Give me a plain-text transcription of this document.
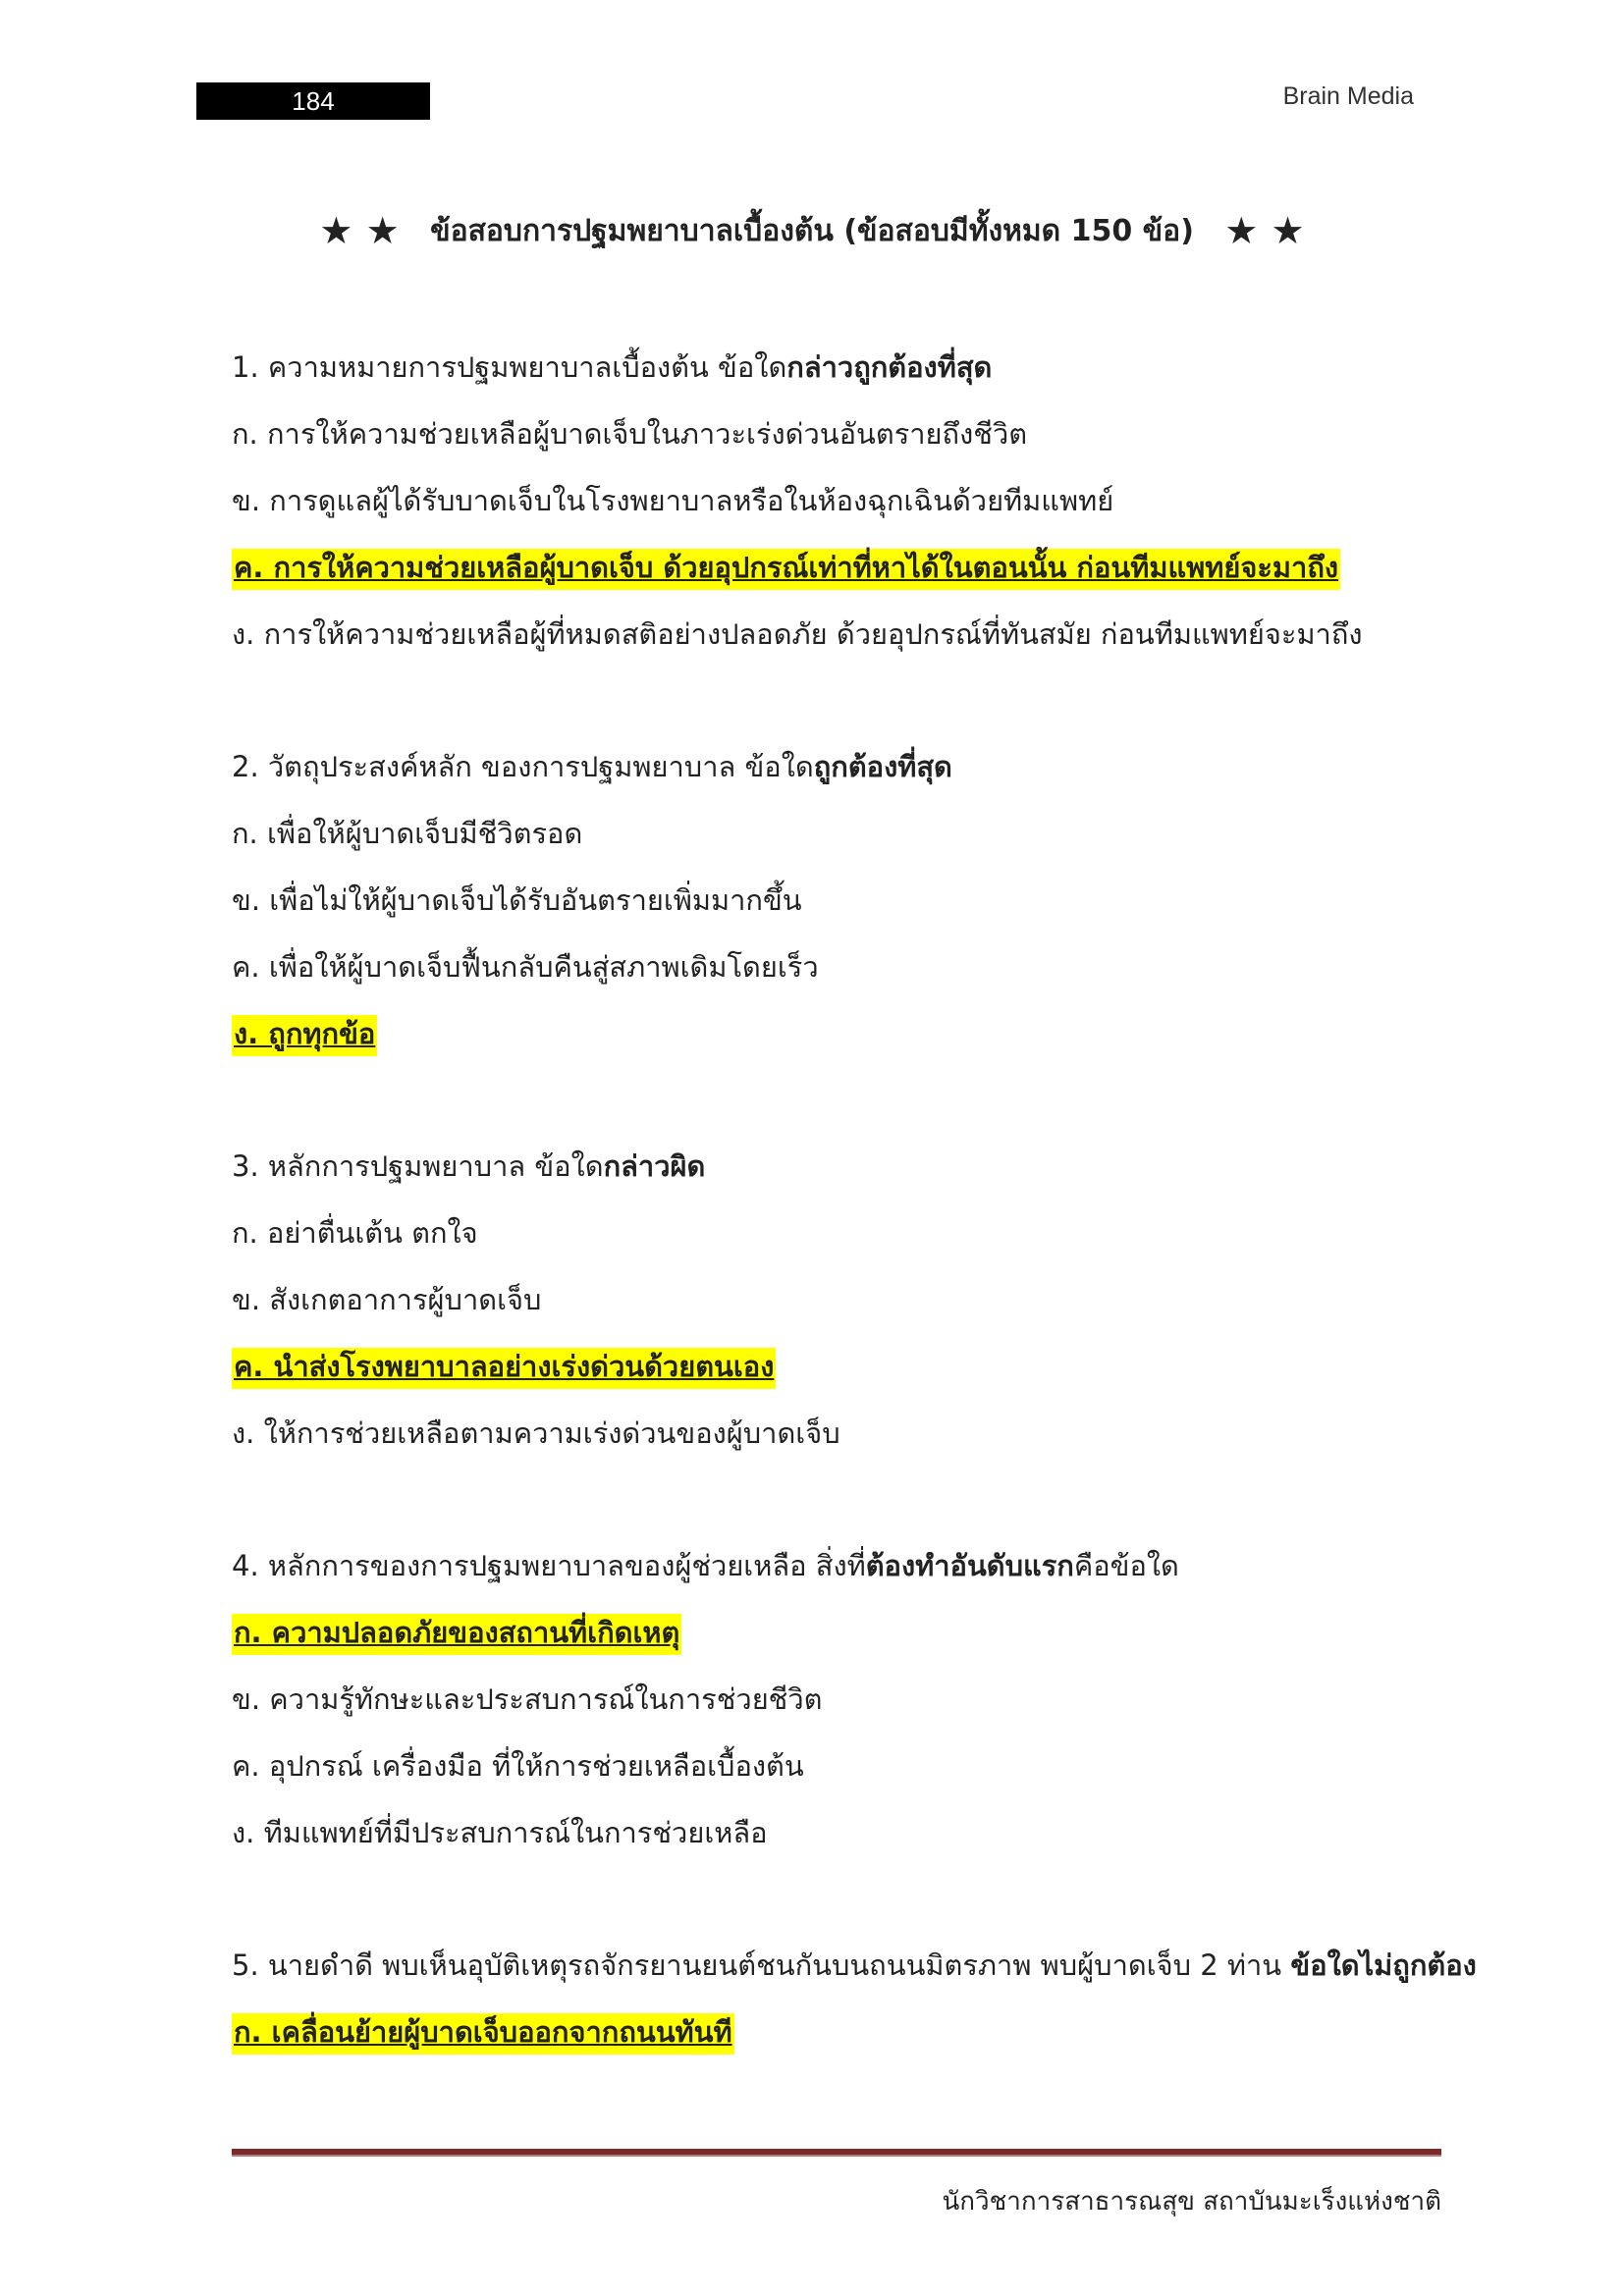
184	Brain Media
★ ★ ข้อสอบการปฐมพยาบาลเบื้องต้น (ข้อสอบมีทั้งหมด 150 ข้อ) ★ ★
1. ความหมายการปฐมพยาบาลเบื้องต้น ข้อใดกล่าวถูกต้องที่สุด
ก. การให้ความช่วยเหลือผู้บาดเจ็บในภาวะเร่งด่วนอันตรายถึงชีวิต
ข. การดูแลผู้ได้รับบาดเจ็บในโรงพยาบาลหรือในห้องฉุกเฉินด้วยทีมแพทย์
ค. การให้ความช่วยเหลือผู้บาดเจ็บ ด้วยอุปกรณ์เท่าที่หาได้ในตอนนั้น ก่อนทีมแพทย์จะมาถึง
ง. การให้ความช่วยเหลือผู้ที่หมดสติอย่างปลอดภัย ด้วยอุปกรณ์ที่ทันสมัย ก่อนทีมแพทย์จะมาถึง
2. วัตถุประสงค์หลัก ของการปฐมพยาบาล ข้อใดถูกต้องที่สุด
ก. เพื่อให้ผู้บาดเจ็บมีชีวิตรอด
ข. เพื่อไม่ให้ผู้บาดเจ็บได้รับอันตรายเพิ่มมากขึ้น
ค. เพื่อให้ผู้บาดเจ็บฟื้นกลับคืนสู่สภาพเดิมโดยเร็ว
ง. ถูกทุกข้อ
3. หลักการปฐมพยาบาล ข้อใดกล่าวผิด
ก. อย่าตื่นเต้น ตกใจ
ข. สังเกตอาการผู้บาดเจ็บ
ค. นำส่งโรงพยาบาลอย่างเร่งด่วนด้วยตนเอง
ง. ให้การช่วยเหลือตามความเร่งด่วนของผู้บาดเจ็บ
4. หลักการของการปฐมพยาบาลของผู้ช่วยเหลือ สิ่งที่ต้องทำอันดับแรกคือข้อใด
ก. ความปลอดภัยของสถานที่เกิดเหตุ
ข. ความรู้ทักษะและประสบการณ์ในการช่วยชีวิต
ค. อุปกรณ์ เครื่องมือ ที่ให้การช่วยเหลือเบื้องต้น
ง. ทีมแพทย์ที่มีประสบการณ์ในการช่วยเหลือ
5. นายดำดี พบเห็นอุบัติเหตุรถจักรยานยนต์ชนกันบนถนนมิตรภาพ พบผู้บาดเจ็บ 2 ท่าน ข้อใดไม่ถูกต้อง
ก. เคลื่อนย้ายผู้บาดเจ็บออกจากถนนทันที
นักวิชาการสาธารณสุข สถาบันมะเร็งแห่งชาติ
